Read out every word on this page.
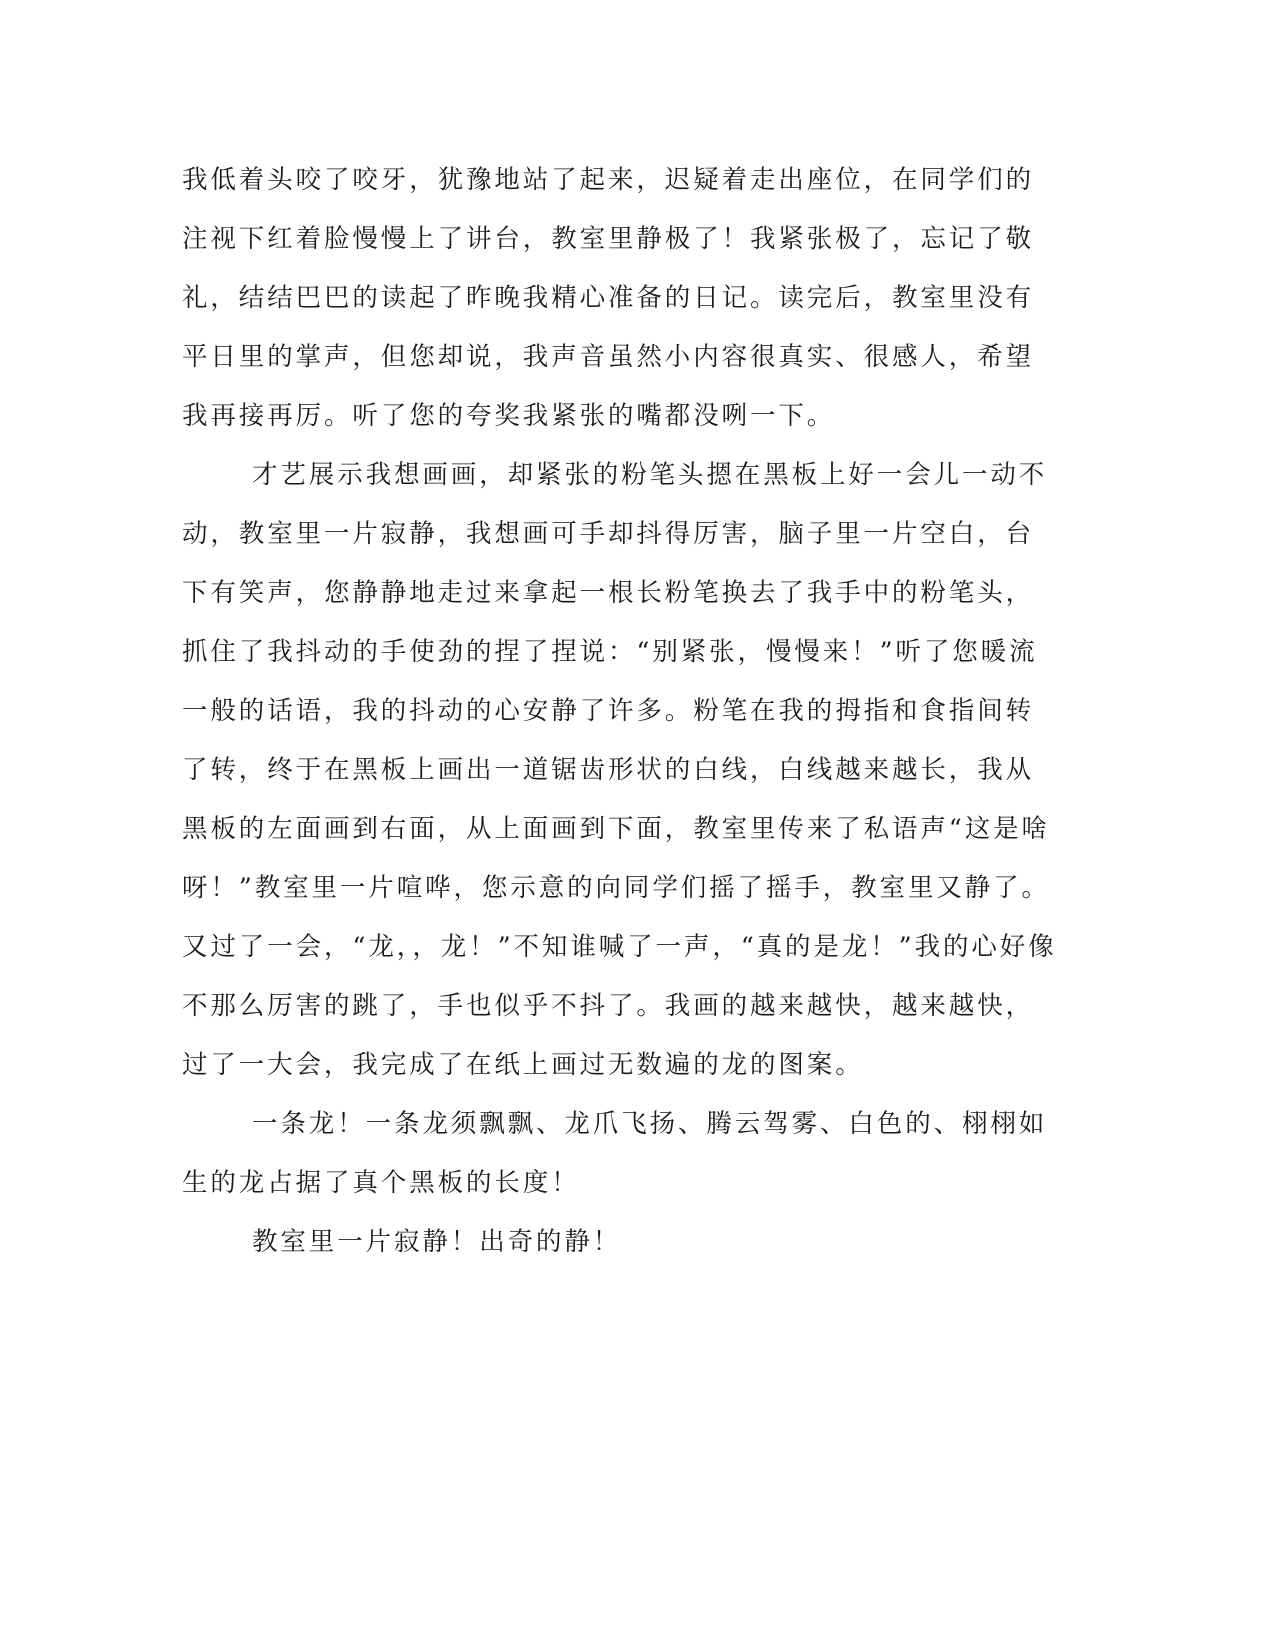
我低着头咬了咬牙，犹豫地站了起来，迟疑着走出座位，在同学们的
注视下红着脸慢慢上了讲台，教室里静极了！我紧张极了，忘记了敬
礼，结结巴巴的读起了昨晚我精心准备的日记。读完后，教室里没有
平日里的掌声，但您却说，我声音虽然小内容很真实、很感人，希望
我再接再厉。听了您的夸奖我紧张的嘴都没咧一下。
才艺展示我想画画，却紧张的粉笔头摁在黑板上好一会儿一动不
动，教室里一片寂静，我想画可手却抖得厉害，脑子里一片空白，台
下有笑声，您静静地走过来拿起一根长粉笔换去了我手中的粉笔头，
抓住了我抖动的手使劲的捏了捏说：“别紧张，慢慢来！”听了您暖流
一般的话语，我的抖动的心安静了许多。粉笔在我的拇指和食指间转
了转，终于在黑板上画出一道锯齿形状的白线，白线越来越长，我从
黑板的左面画到右面，从上面画到下面，教室里传来了私语声“这是啥
呀！”教室里一片喧哗，您示意的向同学们摇了摇手，教室里又静了。
又过了一会，“龙，，龙！”不知谁喊了一声，“真的是龙！”我的心好像
不那么厉害的跳了，手也似乎不抖了。我画的越来越快，越来越快，
过了一大会，我完成了在纸上画过无数遍的龙的图案。
一条龙！一条龙须飘飘、龙爪飞扬、腾云驾雾、白色的、栩栩如
生的龙占据了真个黑板的长度！
教室里一片寂静！出奇的静！
